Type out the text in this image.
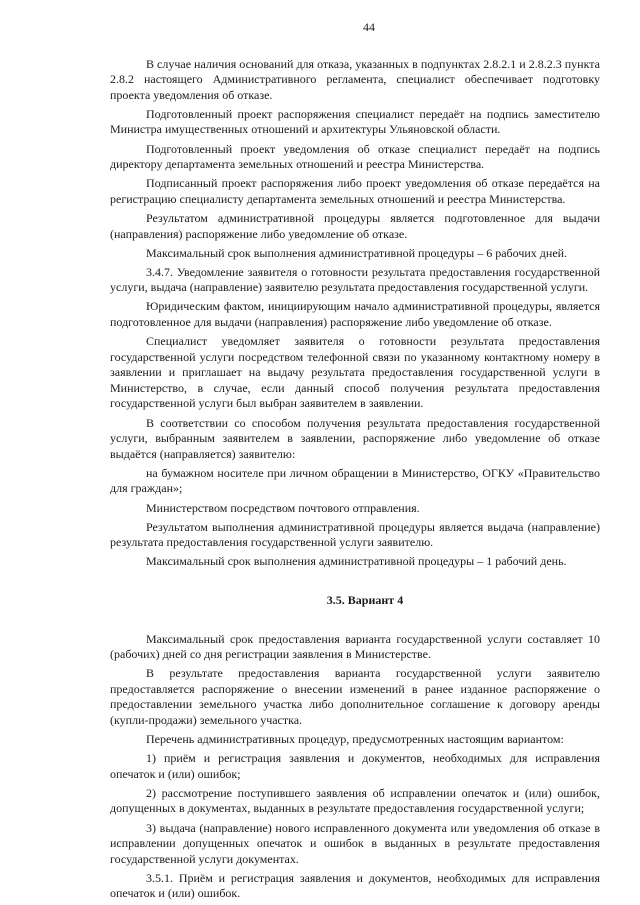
44

В случае наличия оснований для отказа, указанных в подпунктах 2.8.2.1 и 2.8.2.3 пункта 2.8.2 настоящего Административного регламента, специалист обеспечивает подготовку проекта уведомления об отказе.

Подготовленный проект распоряжения специалист передаёт на подпись заместителю Министра имущественных отношений и архитектуры Ульяновской области.

Подготовленный проект уведомления об отказе специалист передаёт на подпись директору департамента земельных отношений и реестра Министерства.

Подписанный проект распоряжения либо проект уведомления об отказе передаётся на регистрацию специалисту департамента земельных отношений и реестра Министерства.

Результатом административной процедуры является подготовленное для выдачи (направления) распоряжение либо уведомление об отказе.

Максимальный срок выполнения административной процедуры – 6 рабочих дней.

3.4.7. Уведомление заявителя о готовности результата предоставления государственной услуги, выдача (направление) заявителю результата предоставления государственной услуги.

Юридическим фактом, инициирующим начало административной процедуры, является подготовленное для выдачи (направления) распоряжение либо уведомление об отказе.

Специалист уведомляет заявителя о готовности результата предоставления государственной услуги посредством телефонной связи по указанному контактному номеру в заявлении и приглашает на выдачу результата предоставления государственной услуги в Министерство, в случае, если данный способ получения результата предоставления государственной услуги был выбран заявителем в заявлении.

В соответствии со способом получения результата предоставления государственной услуги, выбранным заявителем в заявлении, распоряжение либо уведомление об отказе выдаётся (направляется) заявителю:

на бумажном носителе при личном обращении в Министерство, ОГКУ «Правительство для граждан»;

Министерством посредством почтового отправления.

Результатом выполнения административной процедуры является выдача (направление) результата предоставления государственной услуги заявителю.

Максимальный срок выполнения административной процедуры – 1 рабочий день.

3.5. Вариант 4

Максимальный срок предоставления варианта государственной услуги составляет 10 (рабочих) дней со дня регистрации заявления в Министерстве.

В результате предоставления варианта государственной услуги заявителю предоставляется распоряжение о внесении изменений в ранее изданное распоряжение о предоставлении земельного участка либо дополнительное соглашение к договору аренды (купли-продажи) земельного участка.

Перечень административных процедур, предусмотренных настоящим вариантом:

1) приём и регистрация заявления и документов, необходимых для исправления опечаток и (или) ошибок;

2) рассмотрение поступившего заявления об исправлении опечаток и (или) ошибок, допущенных в документах, выданных в результате предоставления государственной услуги;

3) выдача (направление) нового исправленного документа или уведомления об отказе в исправлении допущенных опечаток и ошибок в выданных в результате предоставления государственной услуги документах.

3.5.1. Приём и регистрация заявления и документов, необходимых для исправления опечаток и (или) ошибок.
